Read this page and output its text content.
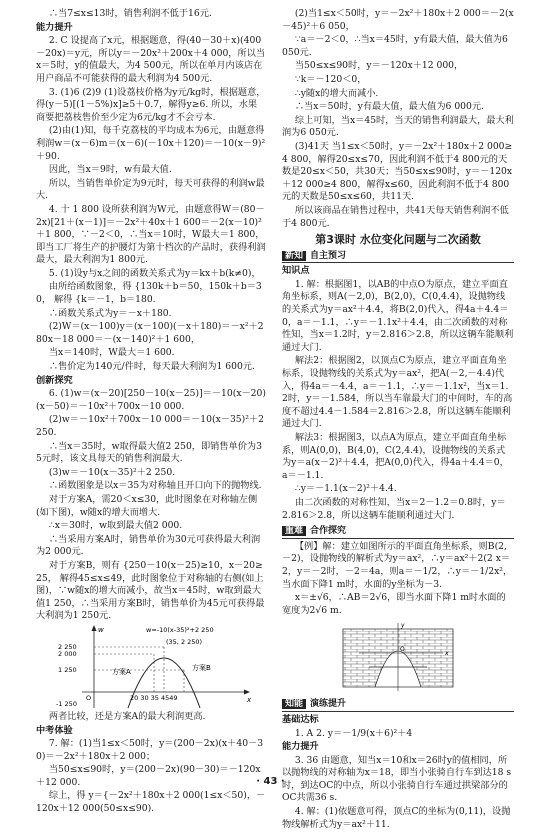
∴当7≤x≤13时，销售利润不低于16元.

能力提升

2. C 设提高了x元，根据题意，得(40－30＋x)(400－20x)＝y元，所以y＝－20x²＋200x＋4 000，所以当x＝5时，y的值最大，为4 500元，所以在单月内该店在用户商品不可能获得的最大利润为4 500元.

3. (1)6 (2)9 (1)设荔枝价格为y元/kg时，根据题意，得(y－5)[(1－5%)x]≥5＋0.7，解得y≥6. 所以，水果商要把荔枝售价至少定为6元/kg才不会亏本.

(2)由(1)知，每千克荔枝的平均成本为6元，由题意得利润w＝(x－6)m＝(x－6)(－10x＋120)＝－10(x－9)²＋90.

因此，当x＝9时，w有最大值.

所以，当销售单价定为9元时，每天可获得的利润w最大.

4. 十 1 800 设所获利润为W元，由题意得W＝(80－2x)[21＋(x－1)]＝－2x²＋40x＋1 600＝－2(x－10)²＋1 800，∵－2＜0，∴当x＝10时，W最大＝1 800，即当工厂将生产的护腰灯为第十档次的产品时，获得利润最大，最大利润为1 800元.

5. (1)设y与x之间的函数关系式为y＝kx＋b(k≠0)，

由所给函数图象，得 {130k＋b＝50，150k＋b＝30， 解得 {k＝－1，b＝180.

∴函数关系式为y＝－x＋180.

(2)W＝(x－100)y＝(x－100)(－x＋180)＝－x²＋280x－18 000＝－(x－140)²＋1 600，

当x＝140时，W最大＝1 600.

∴售价定为140元/件时，每天最大利润为1 600元.

创新探究

6. (1)w＝(x－20)[250－10(x－25)]＝－10(x－20)(x－50)＝－10x²＋700x－10 000.

(2)w＝－10x²＋700x－10 000＝－10(x－35)²＋2 250.

∴当x＝35时，w取得最大值2 250，即销售单价为35元时，该文具每天的销售利润最大.

(3)w＝－10(x－35)²＋2 250.

∴函数图象是以x＝35为对称轴且开口向下的抛物线.

对于方案A，需20＜x≤30，此时图象在对称轴左侧(如下图)，w随x的增大而增大.

∴x＝30时，w取到最大值2 000.

∴当采用方案A时，销售单价为30元可获得最大利润为2 000元.

对于方案B，则有 {250－10(x－25)≥10，x－20≥25， 解得45≤x≤49，此时图象位于对称轴的右侧(如上图)，∵w随x的增大而减小，故当x＝45时，w取到最大值1 250，∴当采用方案B时，销售单价为45元可获得最大利润为1 250元.

w=-10(x-35)²+2 250
(35, 2 250)
2 250
2 000
1 250
-1 250
O
方案A	方案B
20 30 35 4549	x
w

两者比较，还是方案A的最大利润更高.

中考体验

7. 解：(1)当1≤x＜50时，y＝(200－2x)(x＋40－30)＝－2x²＋180x＋2 000；

当50≤x≤90时，y＝(200－2x)(90－30)＝－120x＋12 000.

综上，得 y＝{－2x²＋180x＋2 000(1≤x＜50)，－120x＋12 000(50≤x≤90).

(2)当1≤x＜50时，y＝－2x²＋180x＋2 000＝－2(x－45)²＋6 050，

∵a＝－2＜0，∴当x＝45时，y有最大值，最大值为6 050元.

当50≤x≤90时，y＝－120x＋12 000，

∵k＝－120＜0，

∴y随x的增大而减小.

∴当x＝50时，y有最大值，最大值为6 000元.

综上可知，当x＝45时，当天的销售利润最大，最大利润为6 050元.

(3)41天 当1≤x＜50时，y＝－2x²＋180x＋2 000≥4 800，解得20≤x≤70，因此利润不低于4 800元的天数是20≤x＜50，共30天；当50≤x≤90时，y＝－120x＋12 000≥4 800，解得x≤60，因此利润不低于4 800元的天数是50≤x≤60，共11天.

所以该商品在销售过程中，共41天每天销售利润不低于4 800元.

第3课时 水位变化问题与二次函数
新知 自主预习
知识点

1. 解：根据图1，以AB的中点O为原点，建立平面直角坐标系，则A(－2,0)，B(2,0)，C(0,4.4)，设抛物线的关系式为y＝ax²＋4.4，将B(2,0)代入，得4a＋4.4＝0，a＝－1.1，∴y＝－1.1x²＋4.4，由二次函数的对称性知，当x＝1.2时，y＝2.816＞2.8，所以这辆车能顺利通过大门.

解法2：根据图2，以顶点C为原点，建立平面直角坐标系，设抛物线的关系式为y＝ax²，把A(－2,－4.4)代入，得4a＝－4.4，a＝－1.1，∴y＝－1.1x²，当x＝1.2时，y＝－1.584，所以当车靠最大门的中间时，车的高度不超过4.4－1.584＝2.816＞2.8，所以这辆车能顺利通过大门.

解法3：根据图3，以点A为原点，建立平面直角坐标系，则A(0,0)，B(4,0)，C(2,4.4)，设抛物线的关系式为y＝a(x－2)²＋4.4，把A(0,0)代入，得4a＋4.4＝0，a＝－1.1.

∴y＝－1.1(x－2)²＋4.4.

由二次函数的对称性知，当x＝2－1.2＝0.8时，y＝2.816＞2.8，所以这辆车能顺利通过大门.

重难 合作探究

【例】解：建立如图所示的平面直角坐标系，则B(2,－2)，设抛物线的解析式为y＝ax²，∴y＝ax²＋2(2 x＝2，y＝－2时，－2＝4a，则a＝－1/2，∴y＝－1/2x²，当水面下降1 m时，水面的y坐标为－3.

x＝±√6，∴AB＝2√6，即当水面下降1 m时水面的宽度为2√6 m.

O
x
y
知能 演练提升
基础达标

1. A 2. y＝－1/9(x＋6)²＋4

能力提升

3. 36 由题意，知当x＝10和x＝26时y的值相同，所以抛物线的对称轴为x＝18，即当小张骑自行车到达18 s时，到达OC的中点，所以小张骑自行车通过拱梁部分的OC共需36 s.

4. 解：(1)依题意可得，顶点C的坐标为(0,11)，设抛物线解析式为y＝ax²＋11.

· 43 ·
